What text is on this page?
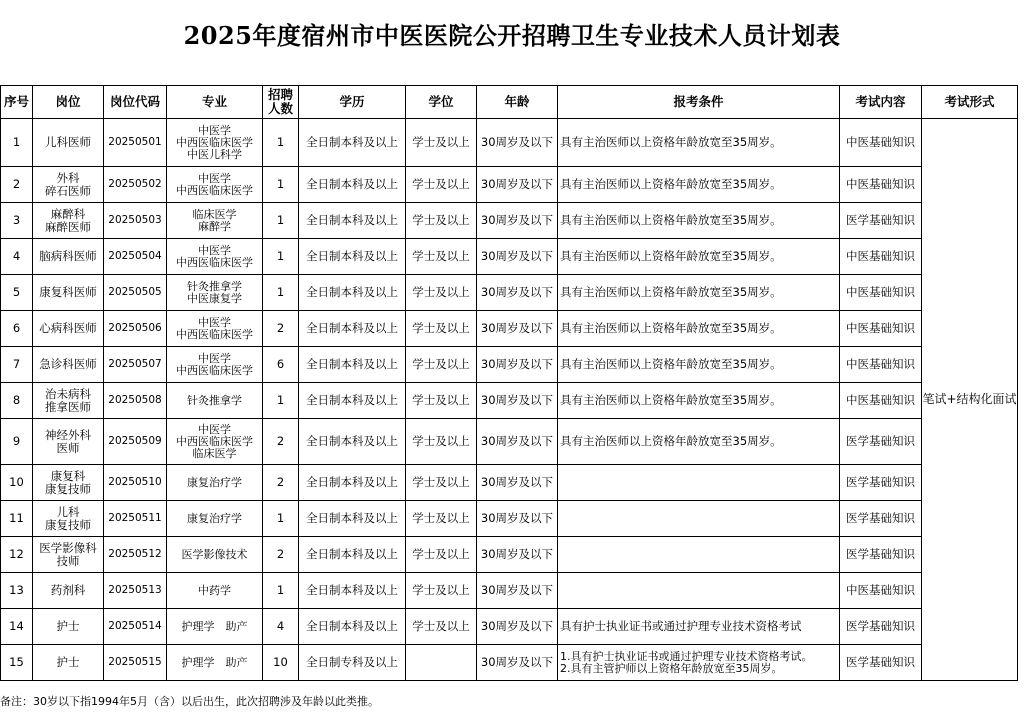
2025年度宿州市中医医院公开招聘卫生专业技术人员计划表
序号	岗位	岗位代码	专业	招聘人数	学历	学位	年龄	报考条件	考试内容	考试形式
1	儿科医师	20250501	中医学
中西医临床医学
中医儿科学	1	全日制本科及以上	学士及以上	30周岁及以下	具有主治医师以上资格年龄放宽至35周岁。	中医基础知识	笔试+结构化面试
2	外科
碎石医师	20250502	中医学
中西医临床医学	1	全日制本科及以上	学士及以上	30周岁及以下	具有主治医师以上资格年龄放宽至35周岁。	中医基础知识	
3	麻醉科
麻醉医师	20250503	临床医学
麻醉学	1	全日制本科及以上	学士及以上	30周岁及以下	具有主治医师以上资格年龄放宽至35周岁。	医学基础知识	
4	脑病科医师	20250504	中医学
中西医临床医学	1	全日制本科及以上	学士及以上	30周岁及以下	具有主治医师以上资格年龄放宽至35周岁。	中医基础知识	
5	康复科医师	20250505	针灸推拿学
中医康复学	1	全日制本科及以上	学士及以上	30周岁及以下	具有主治医师以上资格年龄放宽至35周岁。	中医基础知识	
6	心病科医师	20250506	中医学
中西医临床医学	2	全日制本科及以上	学士及以上	30周岁及以下	具有主治医师以上资格年龄放宽至35周岁。	中医基础知识	
7	急诊科医师	20250507	中医学
中西医临床医学	6	全日制本科及以上	学士及以上	30周岁及以下	具有主治医师以上资格年龄放宽至35周岁。	中医基础知识	
8	治未病科
推拿医师	20250508	针灸推拿学	1	全日制本科及以上	学士及以上	30周岁及以下	具有主治医师以上资格年龄放宽至35周岁。	中医基础知识	
9	神经外科
医师	20250509	中医学
中西医临床医学
临床医学	2	全日制本科及以上	学士及以上	30周岁及以下	具有主治医师以上资格年龄放宽至35周岁。	医学基础知识	
10	康复科
康复技师	20250510	康复治疗学	2	全日制本科及以上	学士及以上	30周岁及以下		医学基础知识	
11	儿科
康复技师	20250511	康复治疗学	1	全日制本科及以上	学士及以上	30周岁及以下		医学基础知识	
12	医学影像科
技师	20250512	医学影像技术	2	全日制本科及以上	学士及以上	30周岁及以下		医学基础知识	
13	药剂科	20250513	中药学	1	全日制本科及以上	学士及以上	30周岁及以下		中医基础知识	
14	护士	20250514	护理学　助产	4	全日制本科及以上	学士及以上	30周岁及以下	具有护士执业证书或通过护理专业技术资格考试	医学基础知识	
15	护士	20250515	护理学　助产	10	全日制专科及以上		30周岁及以下	1.具有护士执业证书或通过护理专业技术资格考试。
2.具有主管护师以上资格年龄放宽至35周岁。	医学基础知识	
备注：30岁以下指1994年5月（含）以后出生，此次招聘涉及年龄以此类推。
